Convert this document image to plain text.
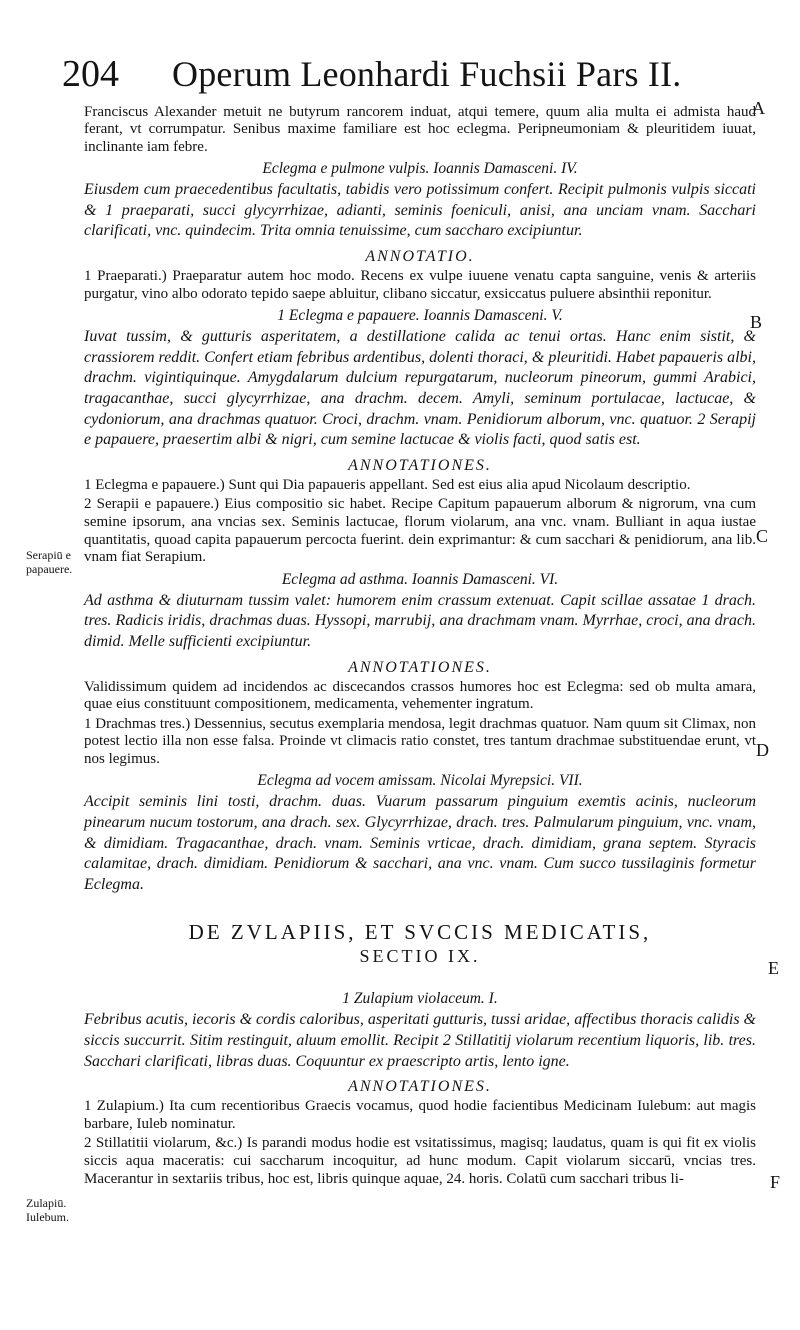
204 Operum Leonhardi Fuchsii Pars II.
A
B
C
D
E
F
Serapiū e papauere.
Zulapiū. Iulebum.

Franciscus Alexander metuit ne butyrum rancorem induat, atqui temere, quum alia multa ei admista haud ferant, vt corrumpatur. Senibus maxime familiare est hoc eclegma. Peripneumoniam & pleuritidem iuuat, inclinante iam febre.

Eclegma e pulmone vulpis. Ioannis Damasceni. IV.

Eiusdem cum praecedentibus facultatis, tabidis vero potissimum confert. Recipit pulmonis vulpis siccati & 1 praeparati, succi glycyrrhizae, adianti, seminis foeniculi, anisi, ana unciam vnam. Sacchari clarificati, vnc. quindecim. Trita omnia tenuissime, cum saccharo excipiuntur.

ANNOTATIO.

1 Praeparati.) Praeparatur autem hoc modo. Recens ex vulpe iuuene venatu capta sanguine, venis & arteriis purgatur, vino albo odorato tepido saepe abluitur, clibano siccatur, exsiccatus puluere absinthii reponitur.

1 Eclegma e papauere. Ioannis Damasceni. V.

Iuvat tussim, & gutturis asperitatem, a destillatione calida ac tenui ortas. Hanc enim sistit, & crassiorem reddit. Confert etiam febribus ardentibus, dolenti thoraci, & pleuritidi. Habet papaueris albi, drachm. vigintiquinque. Amygdalarum dulcium repurgatarum, nucleorum pineorum, gummi Arabici, tragacanthae, succi glycyrrhizae, ana drachm. decem. Amyli, seminum portulacae, lactucae, & cydoniorum, ana drachmas quatuor. Croci, drachm. vnam. Penidiorum alborum, vnc. quatuor. 2 Serapij e papauere, praesertim albi & nigri, cum semine lactucae & violis facti, quod satis est.

ANNOTATIONES.

1 Eclegma e papauere.) Sunt qui Dia papaueris appellant. Sed est eius alia apud Nicolaum descriptio.

2 Serapii e papauere.) Eius compositio sic habet. Recipe Capitum papauerum alborum & nigrorum, vna cum semine ipsorum, ana vncias sex. Seminis lactucae, florum violarum, ana vnc. vnam. Bulliant in aqua iustae quantitatis, quoad capita papauerum percocta fuerint. dein exprimantur: & cum sacchari & penidiorum, ana lib. vnam fiat Serapium.

Eclegma ad asthma. Ioannis Damasceni. VI.

Ad asthma & diuturnam tussim valet: humorem enim crassum extenuat. Capit scillae assatae 1 drach. tres. Radicis iridis, drachmas duas. Hyssopi, marrubij, ana drachmam vnam. Myrrhae, croci, ana drach. dimid. Melle sufficienti excipiuntur.

ANNOTATIONES.

Validissimum quidem ad incidendos ac discecandos crassos humores hoc est Eclegma: sed ob multa amara, quae eius constituunt compositionem, medicamenta, vehementer ingratum.

1 Drachmas tres.) Dessennius, secutus exemplaria mendosa, legit drachmas quatuor. Nam quum sit Climax, non potest lectio illa non esse falsa. Proinde vt climacis ratio constet, tres tantum drachmae substituendae erunt, vt nos legimus.

Eclegma ad vocem amissam. Nicolai Myrepsici. VII.

Accipit seminis lini tosti, drachm. duas. Vuarum passarum pinguium exemtis acinis, nucleorum pinearum nucum tostorum, ana drach. sex. Glycyrrhizae, drach. tres. Palmularum pinguium, vnc. vnam, & dimidiam. Tragacanthae, drach. vnam. Seminis vrticae, drach. dimidiam, grana septem. Styracis calamitae, drach. dimidiam. Penidiorum & sacchari, ana vnc. vnam. Cum succo tussilaginis formetur Eclegma.

DE ZVLAPIIS, ET SVCCIS MEDICATIS,

SECTIO IX.

1 Zulapium violaceum. I.

Febribus acutis, iecoris & cordis caloribus, asperitati gutturis, tussi aridae, affectibus thoracis calidis & siccis succurrit. Sitim restinguit, aluum emollit. Recipit 2 Stillatitij violarum recentium liquoris, lib. tres. Sacchari clarificati, libras duas. Coquuntur ex praescripto artis, lento igne.

ANNOTATIONES.

1 Zulapium.) Ita cum recentioribus Graecis vocamus, quod hodie facientibus Medicinam Iulebum: aut magis barbare, Iuleb nominatur.

2 Stillatitii violarum, &c.) Is parandi modus hodie est vsitatissimus, magisq; laudatus, quam is qui fit ex violis siccis aqua maceratis: cui saccharum incoquitur, ad hunc modum. Capit violarum siccarū, vncias tres. Macerantur in sextariis tribus, hoc est, libris quinque aquae, 24. horis. Colatū cum sacchari tribus li-
